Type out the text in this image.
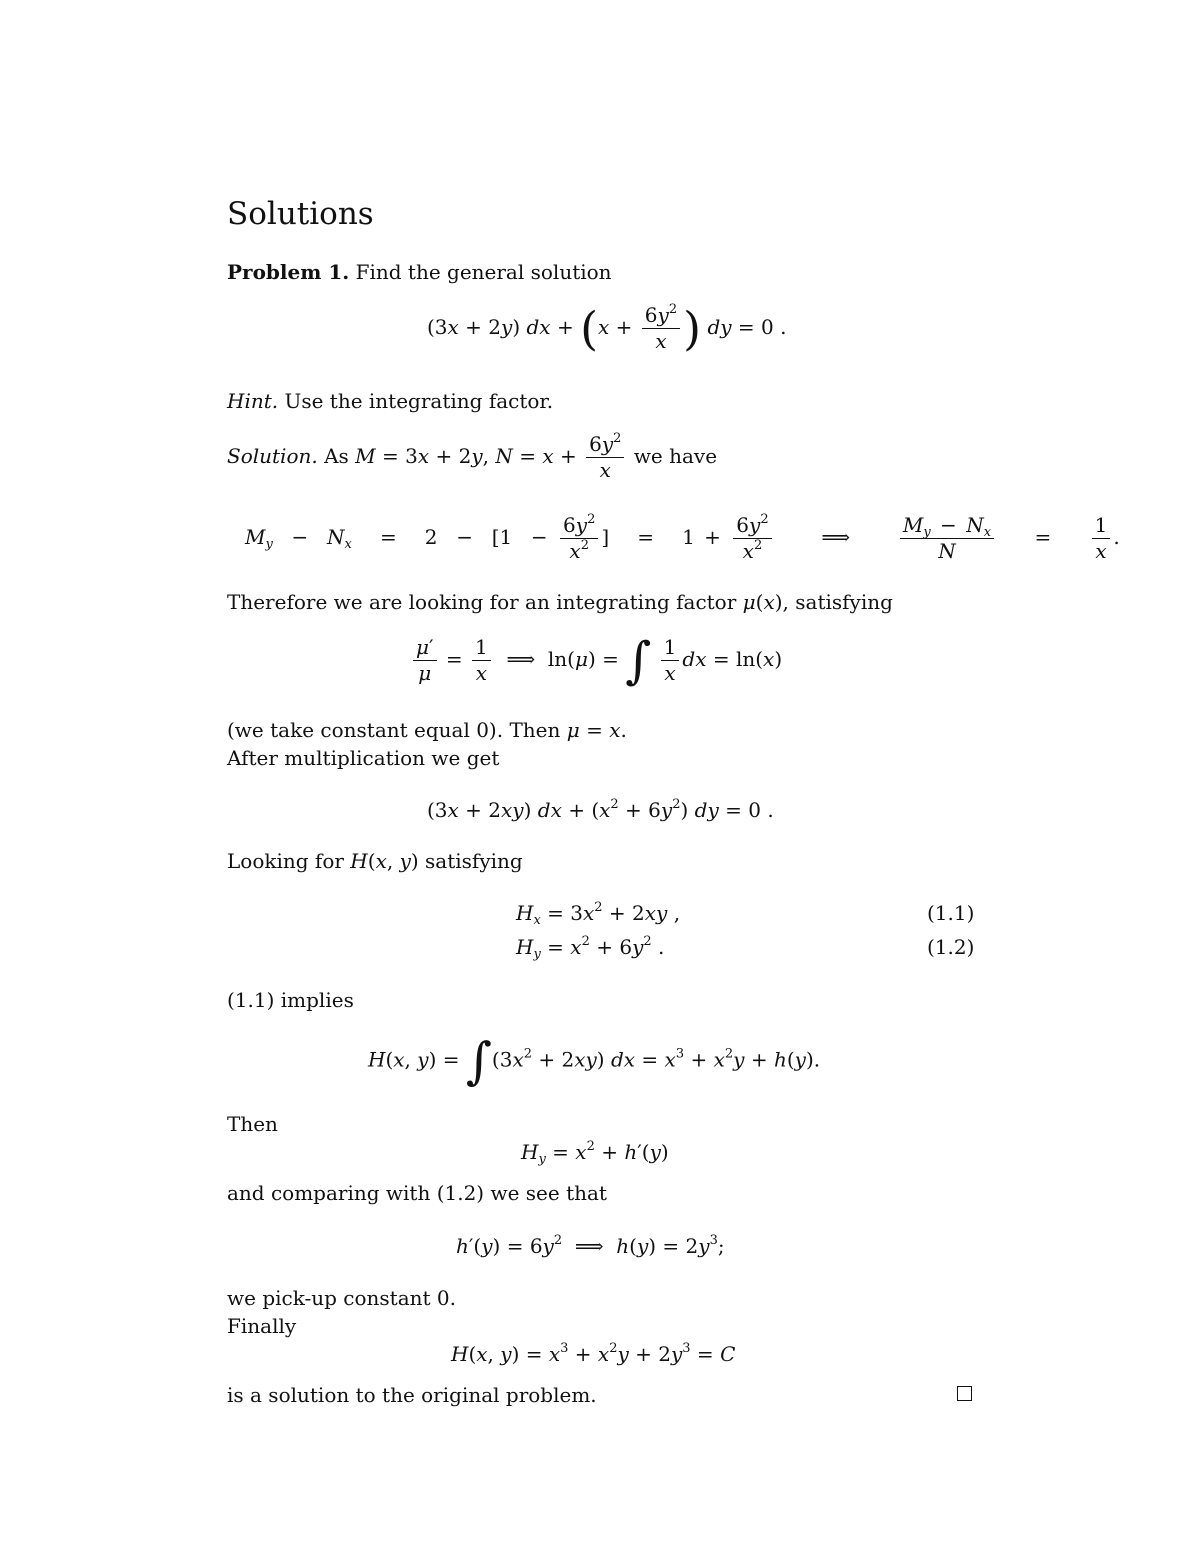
Solutions
Problem 1. Find the general solution
(3x + 2y) dx + ($x + \frac{6y^2}{x}$ ) dy = 0 .
Hint. Use the integrating factor.
Solution. As M = 3x + 2y, $N = x + \frac{6y^2}{x}$ we have
$M_y - N_x = 2 - [1 - \frac{6y^2}{x^2}$ ]   =   $1 + \frac{6y^2}{x^2}$ ⟹ $\frac{M_y - N_x}{N} = \frac{1}{x}$ .
Therefore we are looking for an integrating factor μ(x), satisfying
$\frac{\mu'}{\mu} = \frac{1}{x}$ ⟹  ln(μ) = ∫ $\frac{1}{x}$ dx = ln(x)
(we take constant equal 0). Then μ = x.
After multiplication we get
(3x + 2xy) dx + $(x^2 + 6y^2)$ dy = 0 .
Looking for H(x, y) satisfying
$H_x = 3x^2 + 2xy$ ,	(1.1)
$H_y = x^2 + 6y^2$ .	(1.2)
(1.1) implies
H(x, $y) = \int(3x^2 + 2xy)$ dx = $x^3 + x^2y + h(y)$.
Then
$H_y = x^2 + h'(y)$
and comparing with (1.2) we see that
$h'(y) = 6y^2$  ⟹  $h(y) = 2y^3$;
we pick-up constant 0.
Finally
H(x, $y) = x^3 + x^2y + 2y^3 = C$
is a solution to the original problem.
